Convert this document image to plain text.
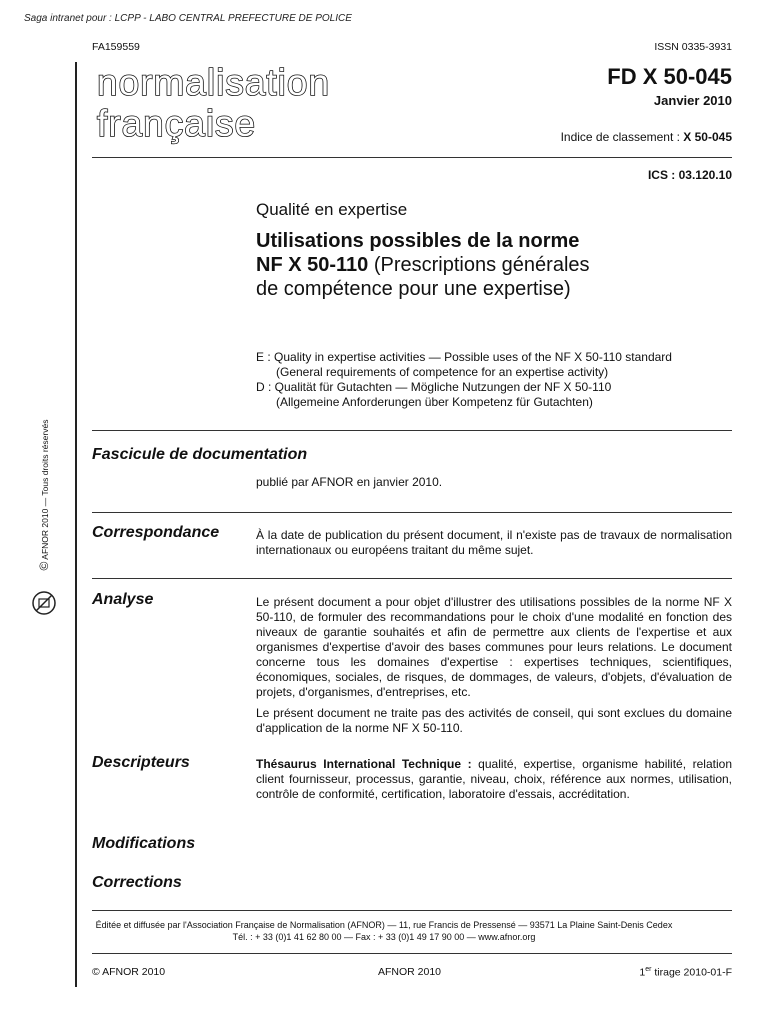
Saga intranet pour : LCPP - LABO CENTRAL PREFECTURE DE POLICE
FA159559	ISSN 0335-3931
normalisation
française
FD X 50-045
Janvier 2010
Indice de classement : X 50-045
ICS : 03.120.10
Qualité en expertise
Utilisations possibles de la norme
NF X 50-110 (Prescriptions générales
de compétence pour une expertise)
E : Quality in expertise activities — Possible uses of the NF X 50-110 standard
(General requirements of competence for an expertise activity)
D : Qualität für Gutachten — Mögliche Nutzungen der NF X 50-110
(Allgemeine Anforderungen über Kompetenz für Gutachten)
Fascicule de documentation
publié par AFNOR en janvier 2010.
Correspondance	À la date de publication du présent document, il n'existe pas de travaux de normalisation internationaux ou européens traitant du même sujet.
Analyse	Le présent document a pour objet d'illustrer des utilisations possibles de la norme NF X 50-110, de formuler des recommandations pour le choix d'une modalité en fonction des niveaux de garantie souhaités et afin de permettre aux clients de l'expertise et aux organismes d'expertise d'avoir des bases communes pour leurs relations. Le document concerne tous les domaines d'expertise : expertises techniques, scientifiques, économiques, sociales, de risques, de dommages, de valeurs, d'objets, d'évaluation de projets, d'organismes, d'entreprises, etc.

Le présent document ne traite pas des activités de conseil, qui sont exclues du domaine d'application de la norme NF X 50-110.

Descripteurs	Thésaurus International Technique : qualité, expertise, organisme habilité, relation client fournisseur, processus, garantie, niveau, choix, référence aux normes, utilisation, contrôle de conformité, certification, laboratoire d'essais, accréditation.
Modifications
Corrections
© AFNOR 2010 — Tous droits réservés
Éditée et diffusée par l'Association Française de Normalisation (AFNOR) — 11, rue Francis de Pressensé — 93571 La Plaine Saint-Denis Cedex
Tél. : + 33 (0)1 41 62 80 00 — Fax : + 33 (0)1 49 17 90 00 — www.afnor.org
© AFNOR 2010	AFNOR 2010	1er tirage 2010-01-F
